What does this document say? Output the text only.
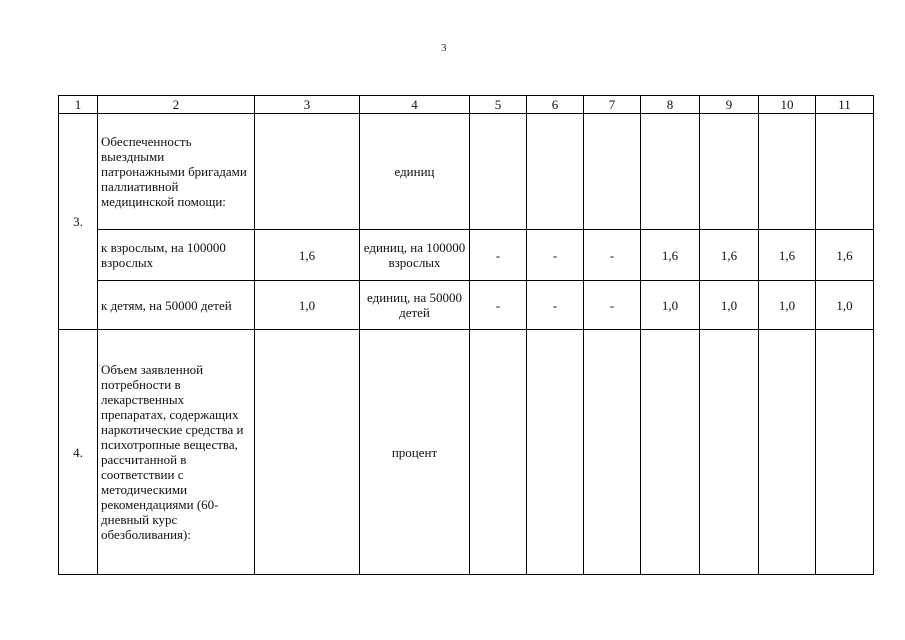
3
1	2	3	4	5	6	7	8	9	10	11
3.	Обеспеченность выездными патронажными бригадами паллиативной медицинской помощи:		единиц							
	к взрослым, на 100000 взрослых	1,6	единиц, на 100000 взрослых	-	-	-	1,6	1,6	1,6	1,6
	к детям, на 50000 детей	1,0	единиц, на 50000 детей	-	-	-	1,0	1,0	1,0	1,0
4.	Объем заявленной потребности в лекарственных препаратах, содержащих наркотические средства и психотропные вещества, рассчитанной в соответствии с методическими рекомендациями (60-дневный курс обезболивания):		процент							
